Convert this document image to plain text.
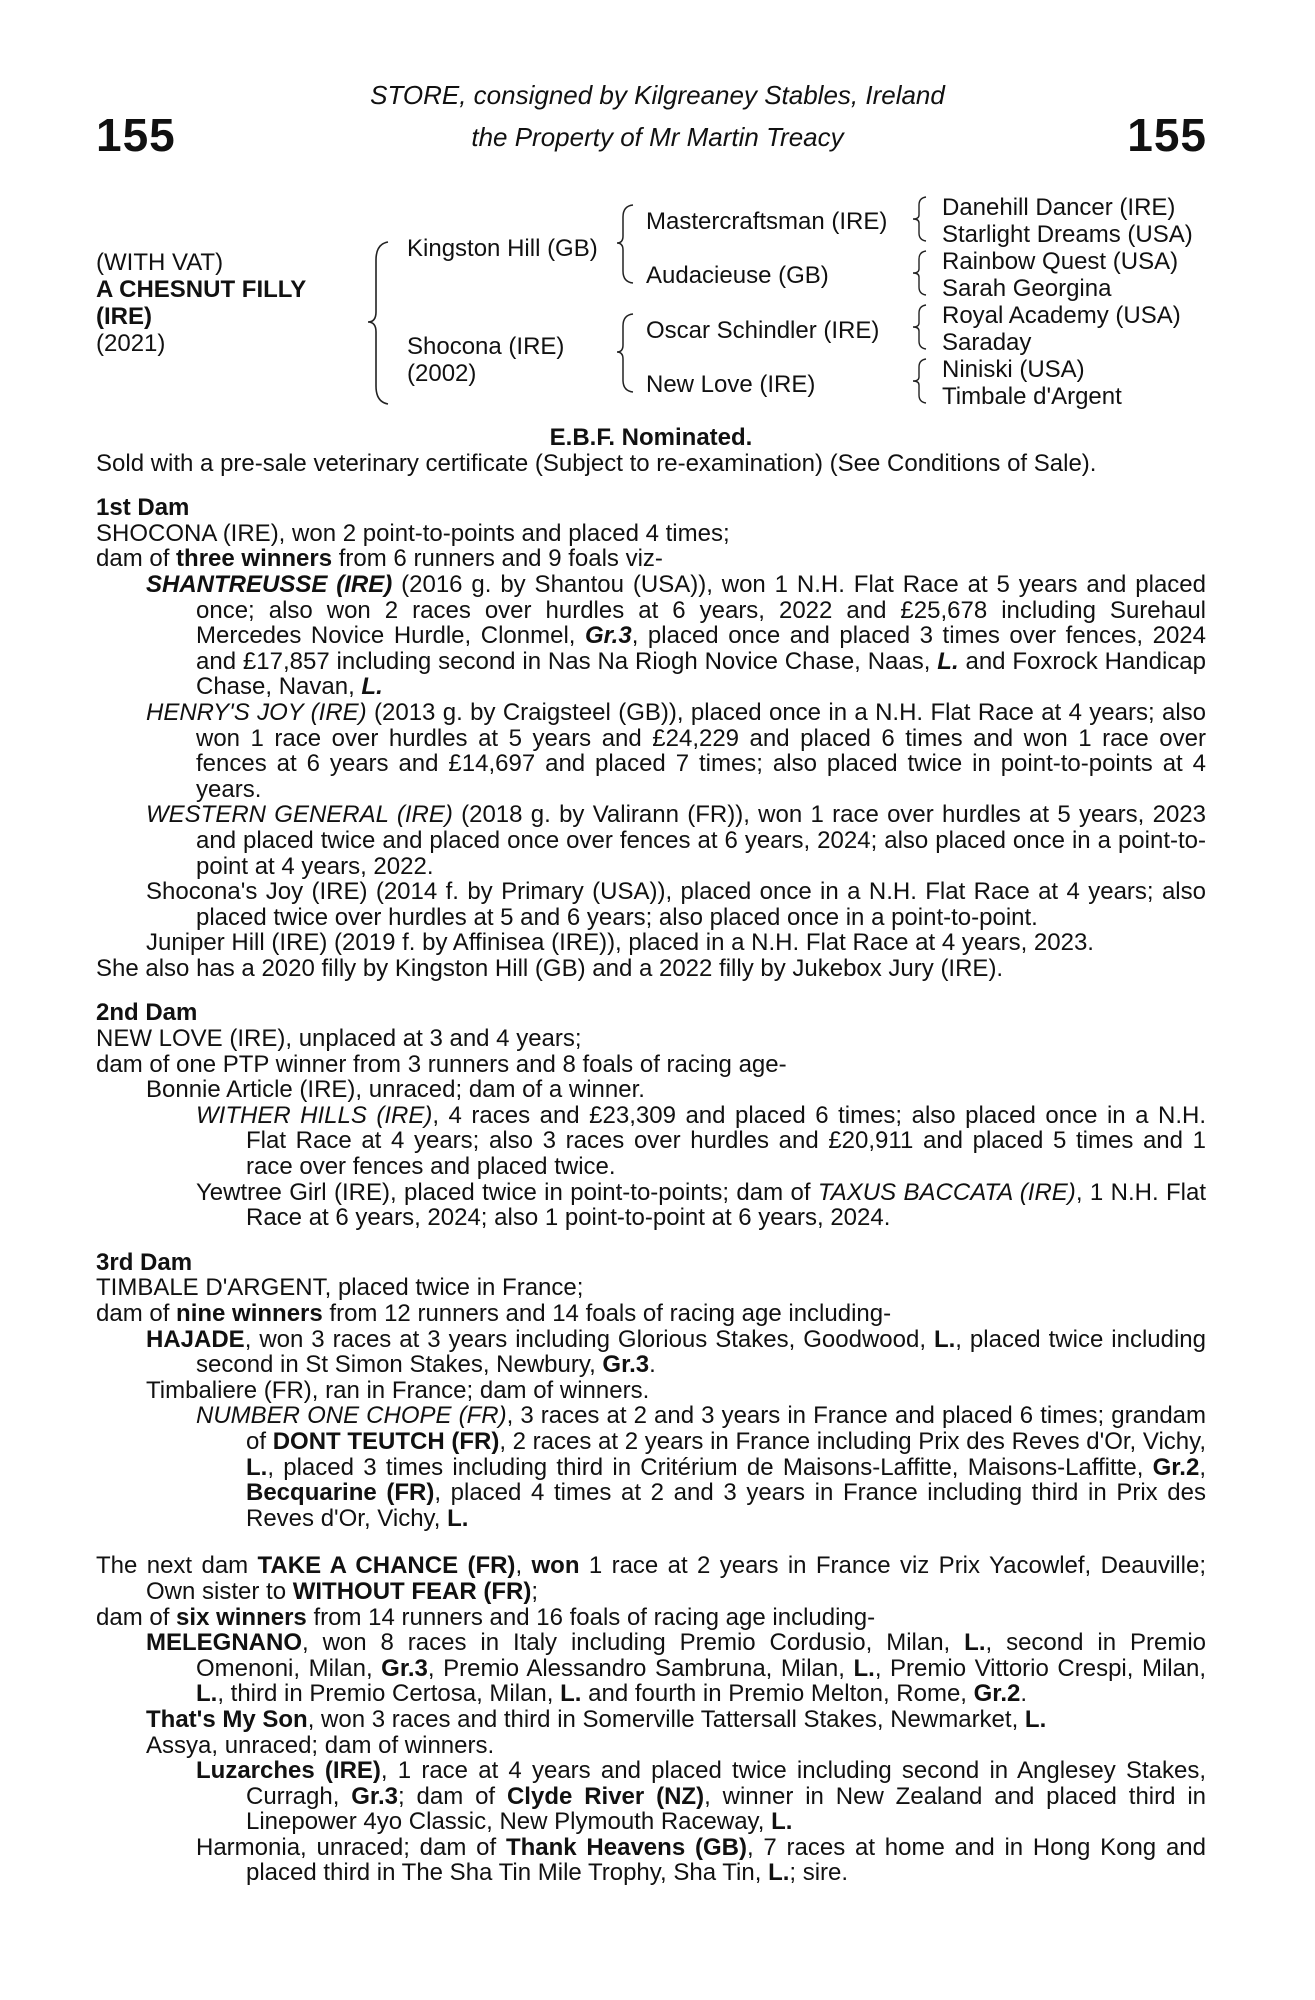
155	155
STORE, consigned by Kilgreaney Stables, Ireland
the Property of Mr Martin Treacy
(WITH VAT)
A CHESNUT FILLY
(IRE)
(2021)
Kingston Hill (GB)
Shocona (IRE)
(2002)
Mastercraftsman (IRE)
Audacieuse (GB)
Oscar Schindler (IRE)
New Love (IRE)
Danehill Dancer (IRE)
Starlight Dreams (USA)
Rainbow Quest (USA)
Sarah Georgina
Royal Academy (USA)
Saraday
Niniski (USA)
Timbale d'Argent
E.B.F. Nominated.
Sold with a pre-sale veterinary certificate (Subject to re-examination) (See Conditions of Sale).
1st Dam
SHOCONA (IRE), won 2 point-to-points and placed 4 times;
dam of three winners from 6 runners and 9 foals viz-
SHANTREUSSE (IRE) (2016 g. by Shantou (USA)), won 1 N.H. Flat Race at 5 years and placed once; also won 2 races over hurdles at 6 years, 2022 and £25,678 including Surehaul Mercedes Novice Hurdle, Clonmel, Gr.3, placed once and placed 3 times over fences, 2024 and £17,857 including second in Nas Na Riogh Novice Chase, Naas, L. and Foxrock Handicap Chase, Navan, L.
HENRY'S JOY (IRE) (2013 g. by Craigsteel (GB)), placed once in a N.H. Flat Race at 4 years; also won 1 race over hurdles at 5 years and £24,229 and placed 6 times and won 1 race over fences at 6 years and £14,697 and placed 7 times; also placed twice in point-to-points at 4 years.
WESTERN GENERAL (IRE) (2018 g. by Valirann (FR)), won 1 race over hurdles at 5 years, 2023 and placed twice and placed once over fences at 6 years, 2024; also placed once in a point-to-point at 4 years, 2022.
Shocona's Joy (IRE) (2014 f. by Primary (USA)), placed once in a N.H. Flat Race at 4 years; also placed twice over hurdles at 5 and 6 years; also placed once in a point-to-point.
Juniper Hill (IRE) (2019 f. by Affinisea (IRE)), placed in a N.H. Flat Race at 4 years, 2023.
She also has a 2020 filly by Kingston Hill (GB) and a 2022 filly by Jukebox Jury (IRE).
2nd Dam
NEW LOVE (IRE), unplaced at 3 and 4 years;
dam of one PTP winner from 3 runners and 8 foals of racing age-
Bonnie Article (IRE), unraced; dam of a winner.
WITHER HILLS (IRE), 4 races and £23,309 and placed 6 times; also placed once in a N.H. Flat Race at 4 years; also 3 races over hurdles and £20,911 and placed 5 times and 1 race over fences and placed twice.
Yewtree Girl (IRE), placed twice in point-to-points; dam of TAXUS BACCATA (IRE), 1 N.H. Flat Race at 6 years, 2024; also 1 point-to-point at 6 years, 2024.
3rd Dam
TIMBALE D'ARGENT, placed twice in France;
dam of nine winners from 12 runners and 14 foals of racing age including-
HAJADE, won 3 races at 3 years including Glorious Stakes, Goodwood, L., placed twice including second in St Simon Stakes, Newbury, Gr.3.
Timbaliere (FR), ran in France; dam of winners.
NUMBER ONE CHOPE (FR), 3 races at 2 and 3 years in France and placed 6 times; grandam of DONT TEUTCH (FR), 2 races at 2 years in France including Prix des Reves d'Or, Vichy, L., placed 3 times including third in Critérium de Maisons-Laffitte, Maisons-Laffitte, Gr.2, Becquarine (FR), placed 4 times at 2 and 3 years in France including third in Prix des Reves d'Or, Vichy, L.
The next dam TAKE A CHANCE (FR), won 1 race at 2 years in France viz Prix Yacowlef, Deauville; Own sister to WITHOUT FEAR (FR);
dam of six winners from 14 runners and 16 foals of racing age including-
MELEGNANO, won 8 races in Italy including Premio Cordusio, Milan, L., second in Premio Omenoni, Milan, Gr.3, Premio Alessandro Sambruna, Milan, L., Premio Vittorio Crespi, Milan, L., third in Premio Certosa, Milan, L. and fourth in Premio Melton, Rome, Gr.2.
That's My Son, won 3 races and third in Somerville Tattersall Stakes, Newmarket, L.
Assya, unraced; dam of winners.
Luzarches (IRE), 1 race at 4 years and placed twice including second in Anglesey Stakes, Curragh, Gr.3; dam of Clyde River (NZ), winner in New Zealand and placed third in Linepower 4yo Classic, New Plymouth Raceway, L.
Harmonia, unraced; dam of Thank Heavens (GB), 7 races at home and in Hong Kong and placed third in The Sha Tin Mile Trophy, Sha Tin, L.; sire.
